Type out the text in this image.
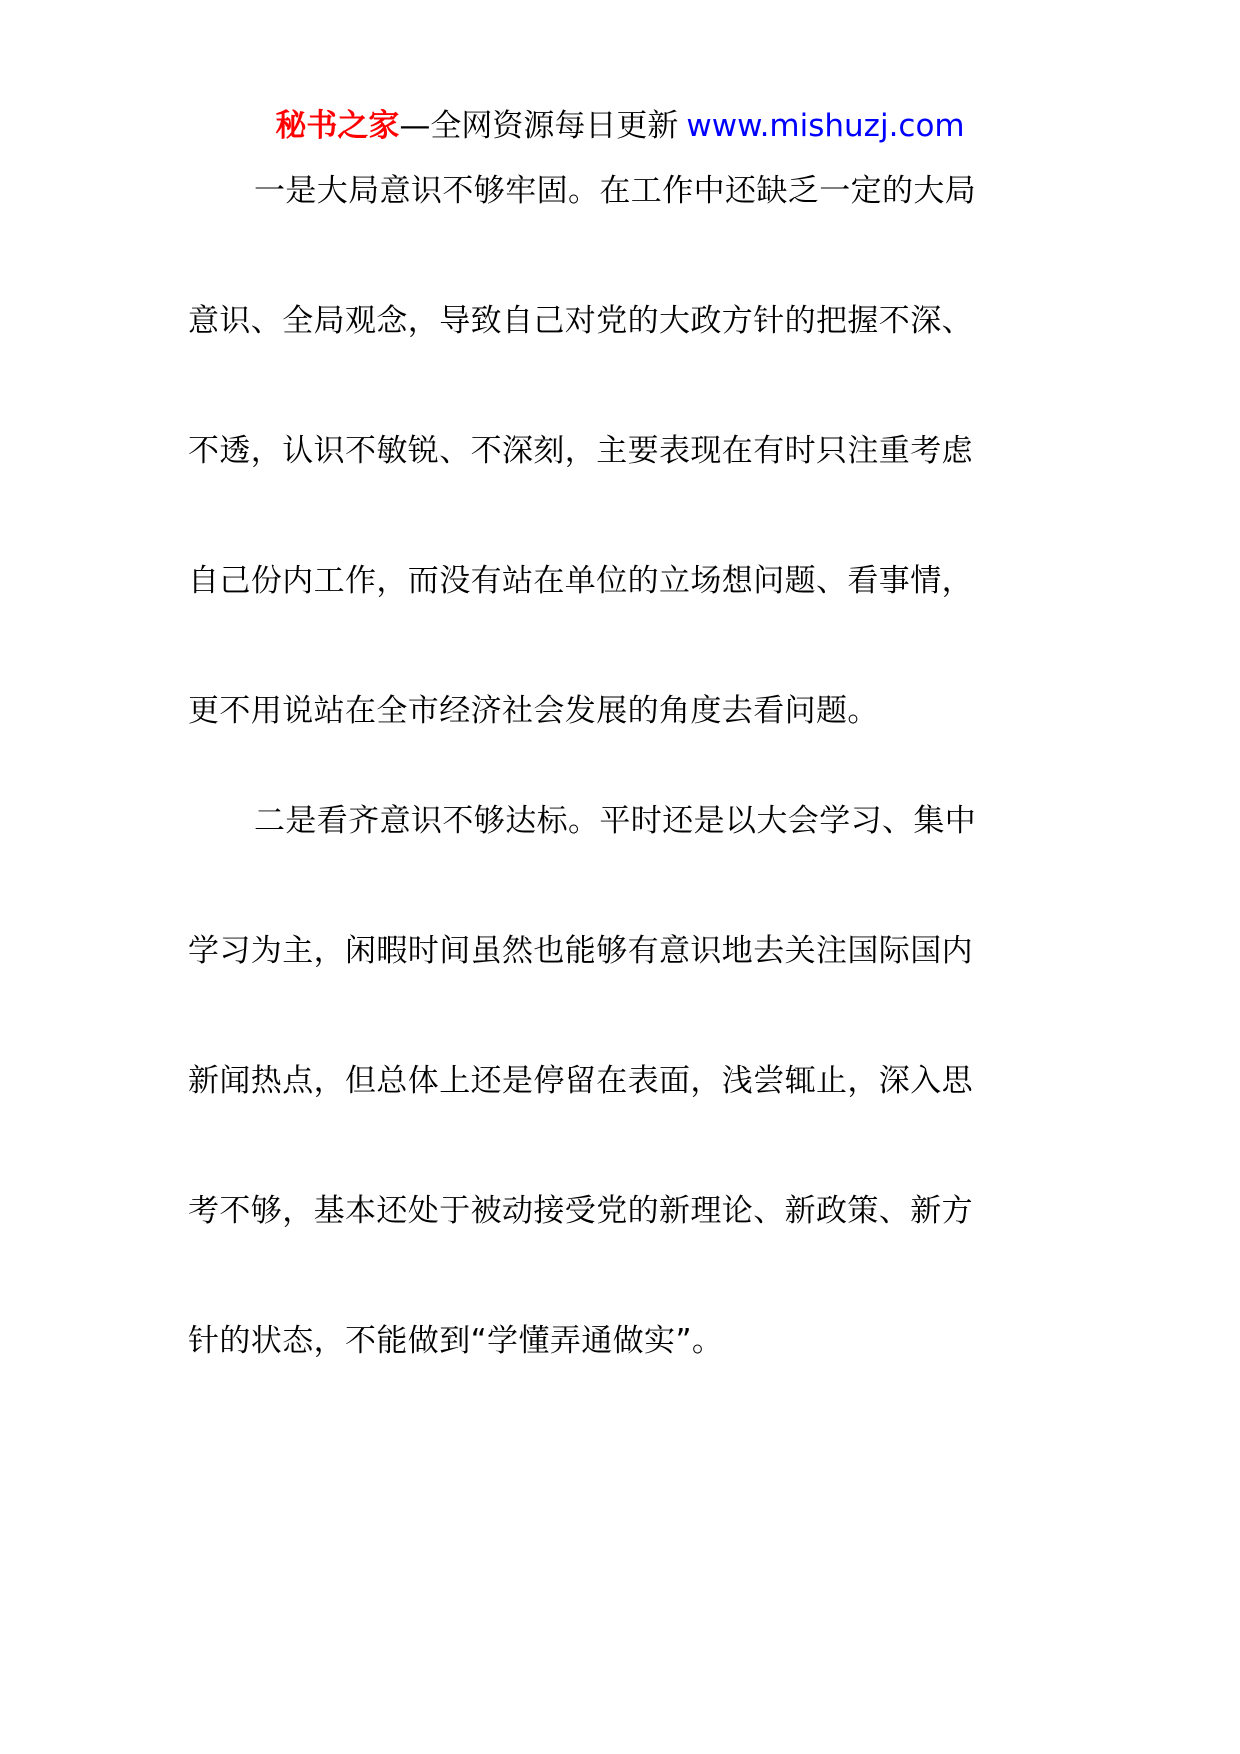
秘书之家—全网资源每日更新 www.mishuzj.com
一是大局意识不够牢固。在工作中还缺乏一定的大局
意识、全局观念，导致自己对党的大政方针的把握不深、
不透，认识不敏锐、不深刻，主要表现在有时只注重考虑
自己份内工作，而没有站在单位的立场想问题、看事情，
更不用说站在全市经济社会发展的角度去看问题。
二是看齐意识不够达标。平时还是以大会学习、集中
学习为主，闲暇时间虽然也能够有意识地去关注国际国内
新闻热点，但总体上还是停留在表面，浅尝辄止，深入思
考不够，基本还处于被动接受党的新理论、新政策、新方
针的状态，不能做到“学懂弄通做实”。
